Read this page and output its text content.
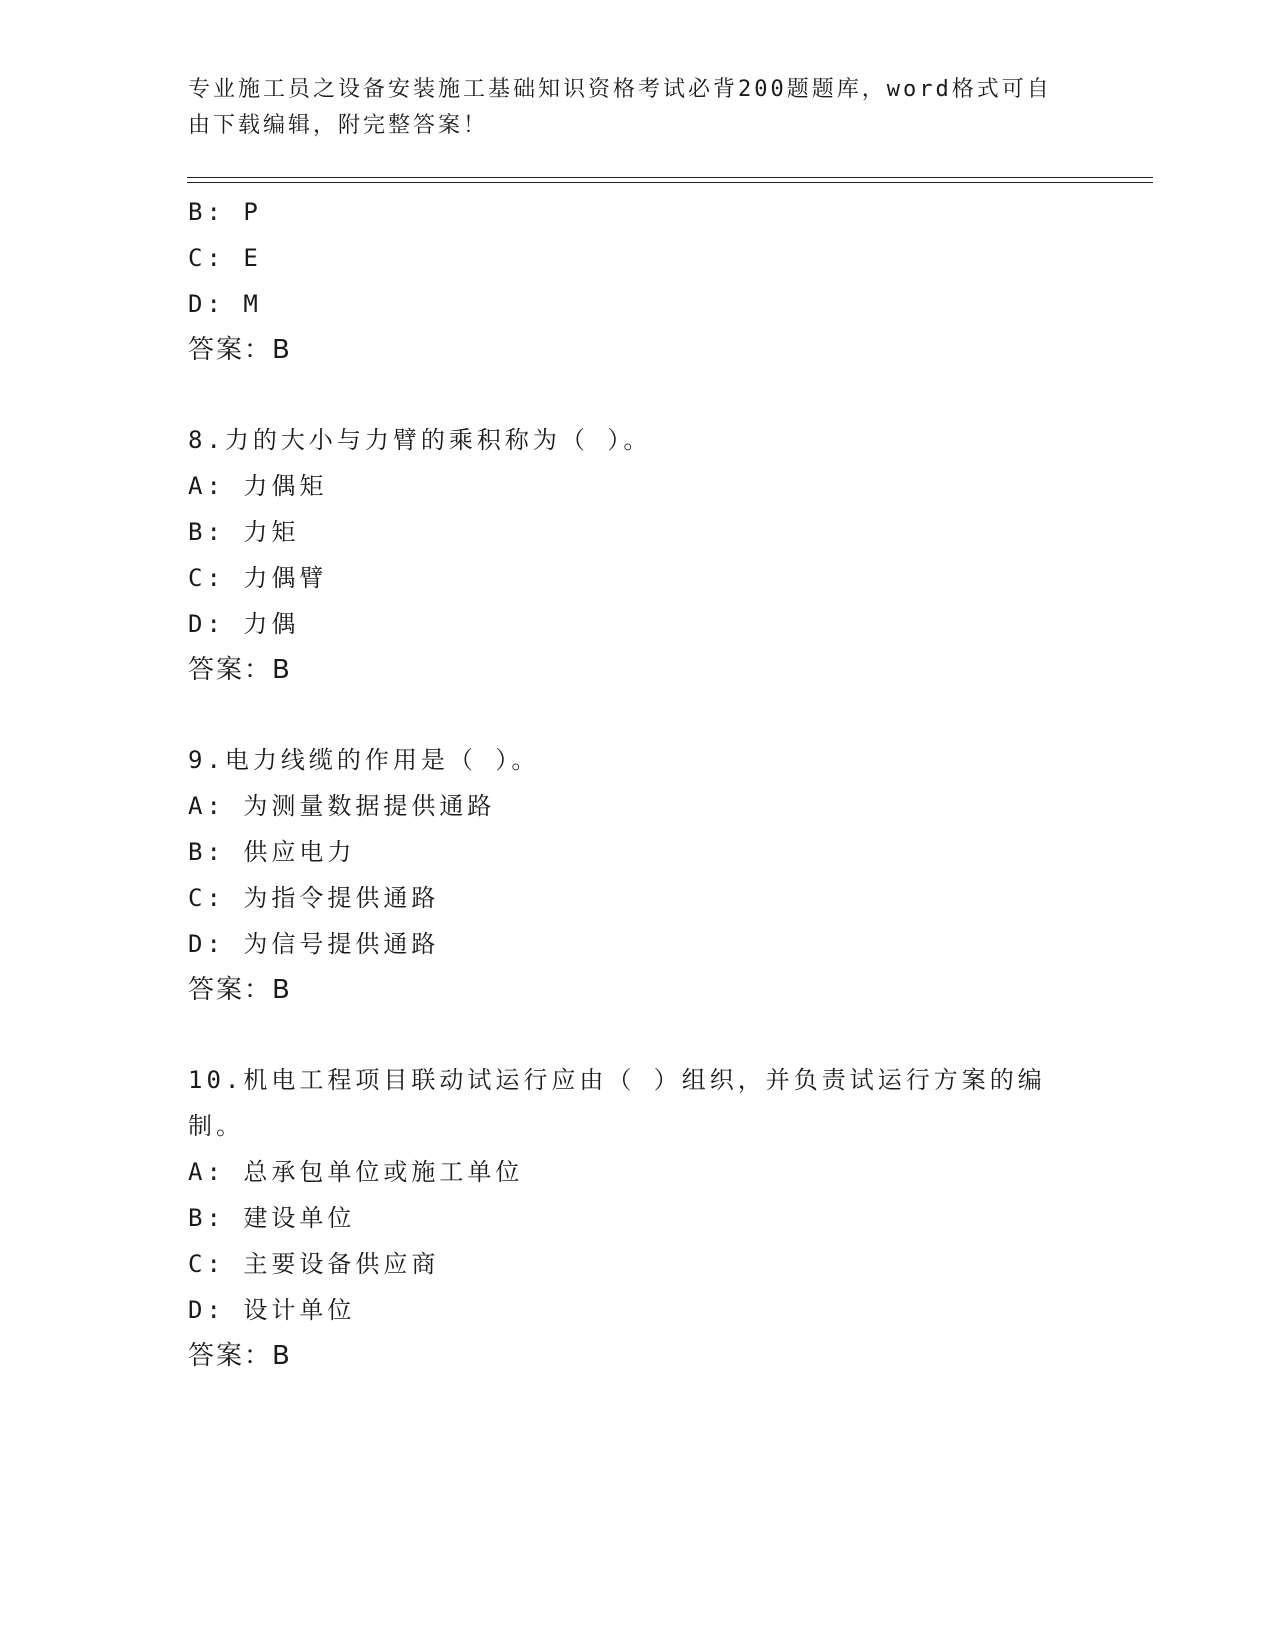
专业施工员之设备安装施工基础知识资格考试必背200题题库，word格式可自由下载编辑，附完整答案！

B: P
C: E
D: M
答案：B
8.力的大小与力臂的乘积称为（ ）。
A: 力偶矩
B: 力矩
C: 力偶臂
D: 力偶
答案：B
9.电力线缆的作用是（ ）。
A: 为测量数据提供通路
B: 供应电力
C: 为指令提供通路
D: 为信号提供通路
答案：B
10.机电工程项目联动试运行应由（ ）组织，并负责试运行方案的编
制。
A: 总承包单位或施工单位
B: 建设单位
C: 主要设备供应商
D: 设计单位
答案：B
